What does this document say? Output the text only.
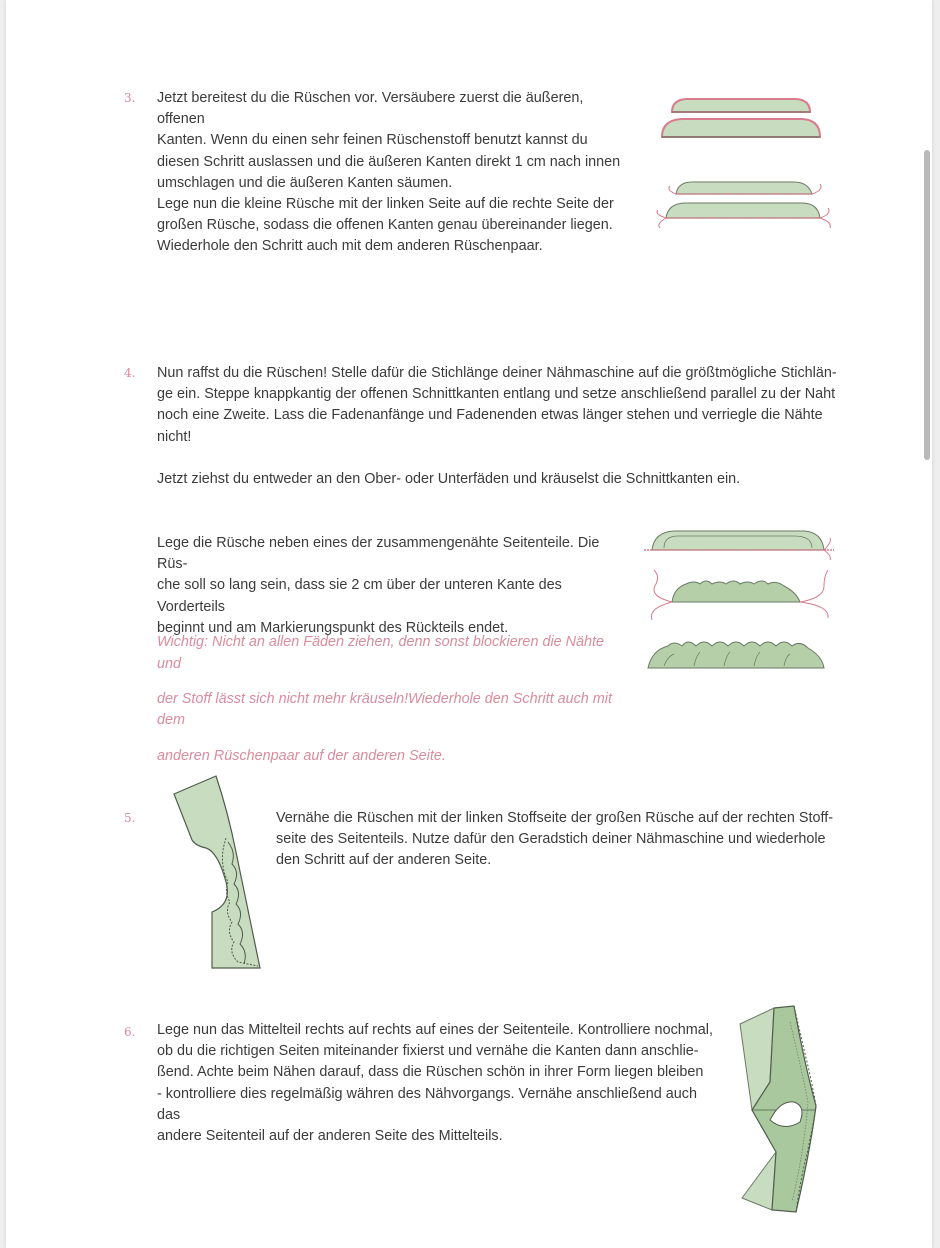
3. Jetzt bereitest du die Rüschen vor. Versäubere zuerst die äußeren, offenen

Kanten. Wenn du einen sehr feinen Rüschenstoff benutzt kannst du

diesen Schritt auslassen und die äußeren Kanten direkt 1 cm nach innen

umschlagen und die äußeren Kanten säumen.

Lege nun die kleine Rüsche mit der linken Seite auf die rechte Seite der

großen Rüsche, sodass die offenen Kanten genau übereinander liegen.

Wiederhole den Schritt auch mit dem anderen Rüschenpaar.

4. Nun raffst du die Rüschen! Stelle dafür die Stichlänge deiner Nähmaschine auf die größtmögliche Stichlän-

ge ein. Steppe knappkantig der offenen Schnittkanten entlang und setze anschließend parallel zu der Naht

noch eine Zweite. Lass die Fadenanfänge und Fadenenden etwas länger stehen und verriegle die Nähte

nicht!

Jetzt ziehst du entweder an den Ober- oder Unterfäden und kräuselst die Schnittkanten ein.

Lege die Rüsche neben eines der zusammengenähte Seitenteile. Die Rüs-

che soll so lang sein, dass sie 2 cm über der unteren Kante des Vorderteils

beginnt und am Markierungspunkt des Rückteils endet.

Wichtig: Nicht an allen Fäden ziehen, denn sonst blockieren die Nähte und

der Stoff lässt sich nicht mehr kräuseln!Wiederhole den Schritt auch mit dem

anderen Rüschenpaar auf der anderen Seite.

5.	Vernähe die Rüschen mit der linken Stoffseite der großen Rüsche auf der rechten Stoff-

seite des Seitenteils. Nutze dafür den Geradstich deiner Nähmaschine und wiederhole

den Schritt auf der anderen Seite.

6. Lege nun das Mittelteil rechts auf rechts auf eines der Seitenteile. Kontrolliere nochmal,

ob du die richtigen Seiten miteinander fixierst und vernähe die Kanten dann anschlie-

ßend. Achte beim Nähen darauf, dass die Rüschen schön in ihrer Form liegen bleiben

- kontrolliere dies regelmäßig währen des Nähvorgangs. Vernähe anschließend auch das

andere Seitenteil auf der anderen Seite des Mittelteils.
